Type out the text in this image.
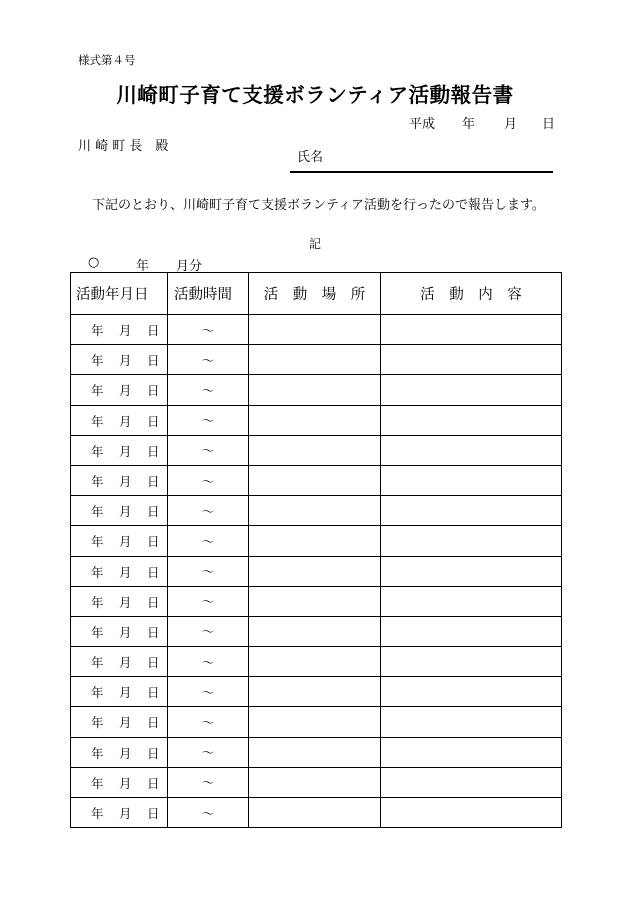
様式第４号
川崎町子育て支援ボランティア活動報告書
平成 年 月 日
川 崎 町 長　殿
氏名
下記のとおり、川崎町子育て支援ボランティア活動を行ったので報告します。
記
○	年 月分
活動年月日	活動時間	活　動　場　所	活　動　内　容

年 月 日	～		

年 月 日	～		

年 月 日	～		

年 月 日	～		

年 月 日	～		

年 月 日	～		

年 月 日	～		

年 月 日	～		

年 月 日	～		

年 月 日	～		

年 月 日	～		

年 月 日	～		

年 月 日	～		

年 月 日	～		

年 月 日	～		

年 月 日	～		

年 月 日	～		
